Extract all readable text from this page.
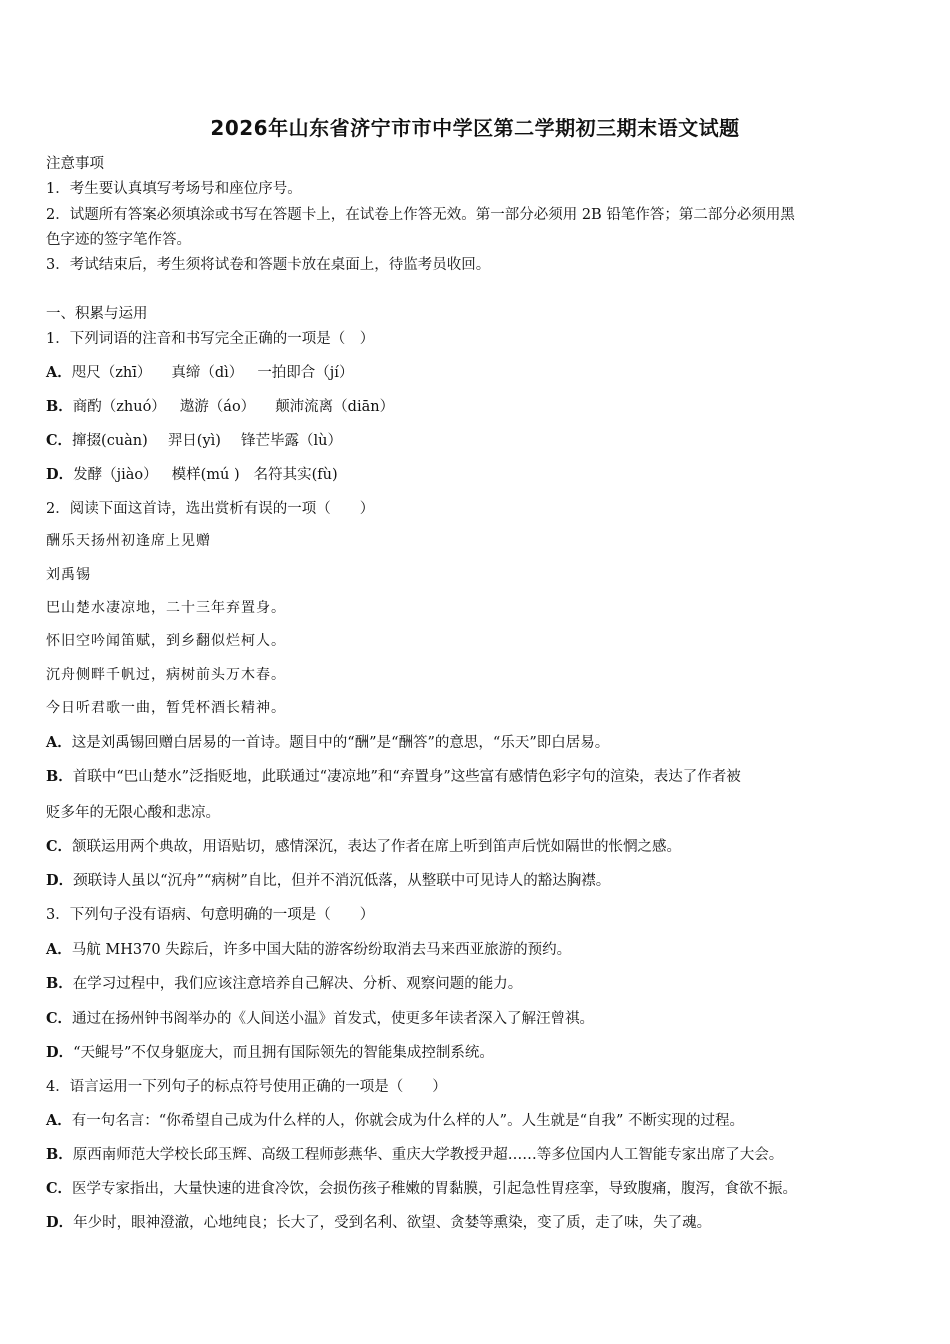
2026年山东省济宁市市中学区第二学期初三期末语文试题
注意事项
1．考生要认真填写考场号和座位序号。
2．试题所有答案必须填涂或书写在答题卡上，在试卷上作答无效。第一部分必须用 2B 铅笔作答；第二部分必须用黑
色字迹的签字笔作答。
3．考试结束后，考生须将试卷和答题卡放在桌面上，待监考员收回。
一、积累与运用
1．下列词语的注音和书写完全正确的一项是（　）
A．咫尺（zhī） 真缔（dì） 一拍即合（jí）
B．商酌（zhuó） 遨游（áo） 颠沛流离（diān）
C．撺掇(cuàn) 羿日(yì) 锋芒毕露（lù）
D．发酵（jiào） 模样(mú ) 名符其实(fù)
2．阅读下面这首诗，选出赏析有误的一项（　　）
酬乐天扬州初逢席上见赠
刘禹锡
巴山楚水凄凉地，二十三年弃置身。
怀旧空吟闻笛赋，到乡翻似烂柯人。
沉舟侧畔千帆过，病树前头万木春。
今日听君歌一曲，暂凭杯酒长精神。
A．这是刘禹锡回赠白居易的一首诗。题目中的“酬”是“酬答”的意思，“乐天”即白居易。
B．首联中“巴山楚水”泛指贬地，此联通过“凄凉地”和“弃置身”这些富有感情色彩字句的渲染，表达了作者被
贬多年的无限心酸和悲凉。
C．颔联运用两个典故，用语贴切，感情深沉，表达了作者在席上听到笛声后恍如隔世的怅惘之感。
D．颈联诗人虽以“沉舟”“病树”自比，但并不消沉低落，从整联中可见诗人的豁达胸襟。
3．下列句子没有语病、句意明确的一项是（　　）
A．马航 MH370 失踪后，许多中国大陆的游客纷纷取消去马来西亚旅游的预约。
B．在学习过程中，我们应该注意培养自己解决、分析、观察问题的能力。
C．通过在扬州钟书阁举办的《人间送小温》首发式，使更多年读者深入了解汪曾祺。
D．“天鲲号”不仅身躯庞大，而且拥有国际领先的智能集成控制系统。
4．语言运用一下列句子的标点符号使用正确的一项是（　　）
A．有一句名言：“你希望自己成为什么样的人，你就会成为什么样的人”。人生就是“自我” 不断实现的过程。
B．原西南师范大学校长邱玉辉、高级工程师彭燕华、重庆大学教授尹超……等多位国内人工智能专家出席了大会。
C．医学专家指出，大量快速的进食冷饮，会损伤孩子稚嫩的胃黏膜，引起急性胃痉挛，导致腹痛，腹泻，食欲不振。
D．年少时，眼神澄澈，心地纯良；长大了，受到名利、欲望、贪婪等熏染，变了质，走了味，失了魂。
